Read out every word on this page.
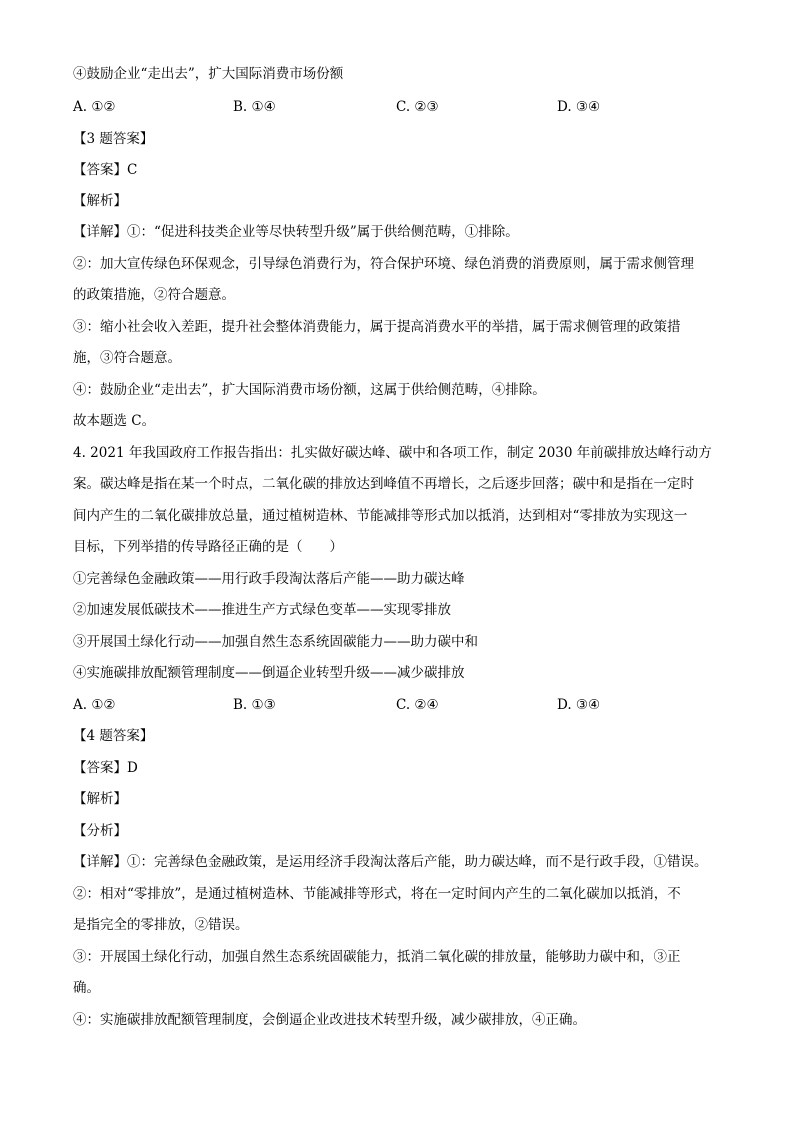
④鼓励企业“走出去”，扩大国际消费市场份额
A. ①②	B. ①④	C. ②③	D. ③④
【3 题答案】
【答案】C
【解析】
【详解】①：“促进科技类企业等尽快转型升级”属于供给侧范畴，①排除。
②：加大宣传绿色环保观念，引导绿色消费行为，符合保护环境、绿色消费的消费原则，属于需求侧管理
的政策措施，②符合题意。
③：缩小社会收入差距，提升社会整体消费能力，属于提高消费水平的举措，属于需求侧管理的政策措
施，③符合题意。
④：鼓励企业“走出去”，扩大国际消费市场份额，这属于供给侧范畴，④排除。
故本题选 C。
4. 2021 年我国政府工作报告指出：扎实做好碳达峰、碳中和各项工作，制定 2030 年前碳排放达峰行动方
案。碳达峰是指在某一个时点，二氧化碳的排放达到峰值不再增长，之后逐步回落；碳中和是指在一定时
间内产生的二氧化碳排放总量，通过植树造林、节能减排等形式加以抵消，达到相对“零排放为实现这一
目标，下列举措的传导路径正确的是（　　）
①完善绿色金融政策——用行政手段淘汰落后产能——助力碳达峰
②加速发展低碳技术——推进生产方式绿色变革——实现零排放
③开展国土绿化行动——加强自然生态系统固碳能力——助力碳中和
④实施碳排放配额管理制度——倒逼企业转型升级——减少碳排放
A. ①②	B. ①③	C. ②④	D. ③④
【4 题答案】
【答案】D
【解析】
【分析】
【详解】①：完善绿色金融政策，是运用经济手段淘汰落后产能，助力碳达峰，而不是行政手段，①错误。
②：相对“零排放”，是通过植树造林、节能减排等形式，将在一定时间内产生的二氧化碳加以抵消，不
是指完全的零排放，②错误。
③：开展国土绿化行动，加强自然生态系统固碳能力，抵消二氧化碳的排放量，能够助力碳中和，③正
确。
④：实施碳排放配额管理制度，会倒逼企业改进技术转型升级，减少碳排放，④正确。
